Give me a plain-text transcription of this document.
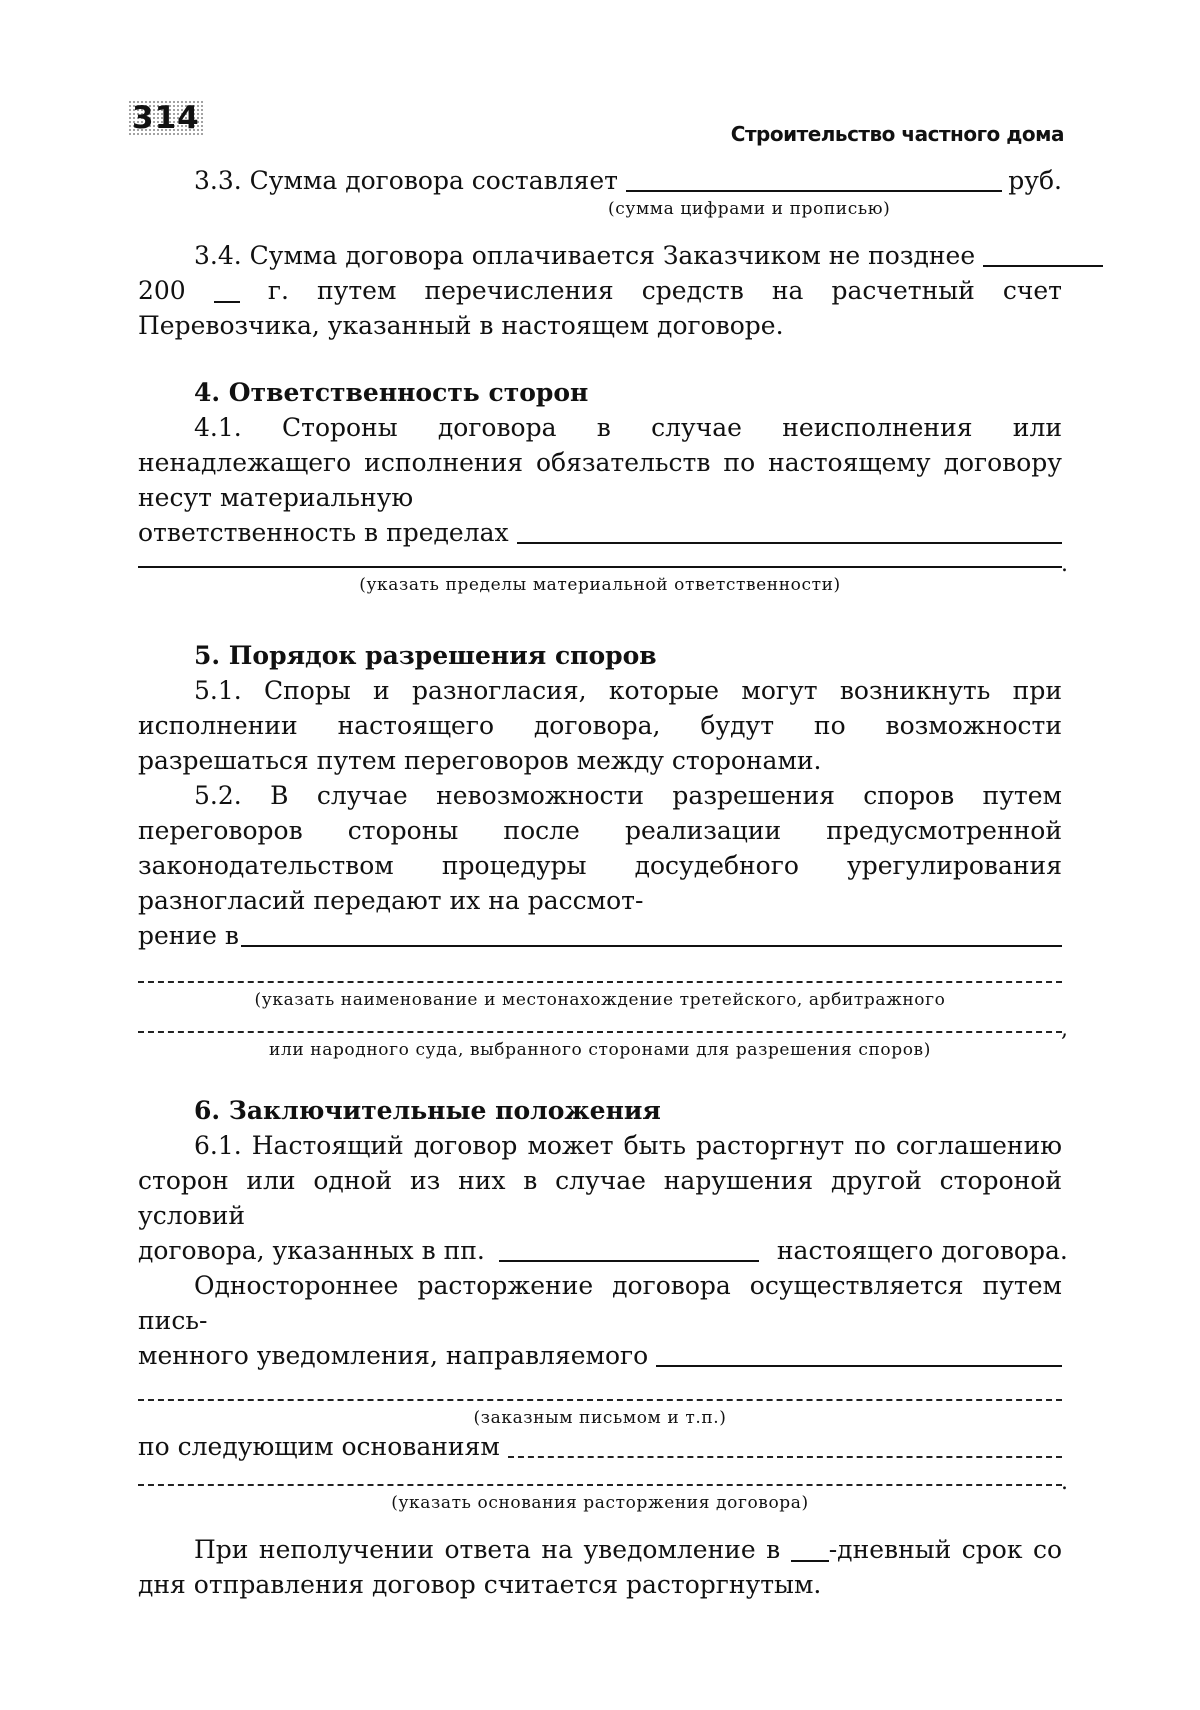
314	Строительство частного дома
3.3. Сумма договора составляет	руб.
(сумма цифрами и прописью)
3.4. Сумма договора оплачивается Заказчиком не позднее

200	г. путем перечисления средств на расчетный счет Перевозчика, указанный в настоящем договоре.

4. Ответственность сторон

4.1. Стороны договора в случае неисполнения или ненадлежащего исполнения обязательств по настоящему договору несут материальную

ответственность в пределах
.
(указать пределы материальной ответственности)

5. Порядок разрешения споров

5.1. Споры и разногласия, которые могут возникнуть при исполнении настоящего договора, будут по возможности разрешаться путем переговоров между сторонами.

5.2. В случае невозможности разрешения споров путем переговоров стороны после реализации предусмотренной законодательством процедуры досудебного урегулирования разногласий передают их на рассмот-

рение в
(указать наименование и местонахождение третейского, арбитражного
,
или народного суда, выбранного сторонами для разрешения споров)

6. Заключительные положения

6.1. Настоящий договор может быть расторгнут по соглашению сторон или одной из них в случае нарушения другой стороной условий

договора, указанных в пп.	настоящего договора.

Одностороннее расторжение договора осуществляется путем пись-

менного уведомления, направляемого
(заказным письмом и т.п.)
по следующим основаниям
.
(указать основания расторжения договора)

При неполучении ответа на уведомление в -дневный срок со дня отправления договор считается расторгнутым.
